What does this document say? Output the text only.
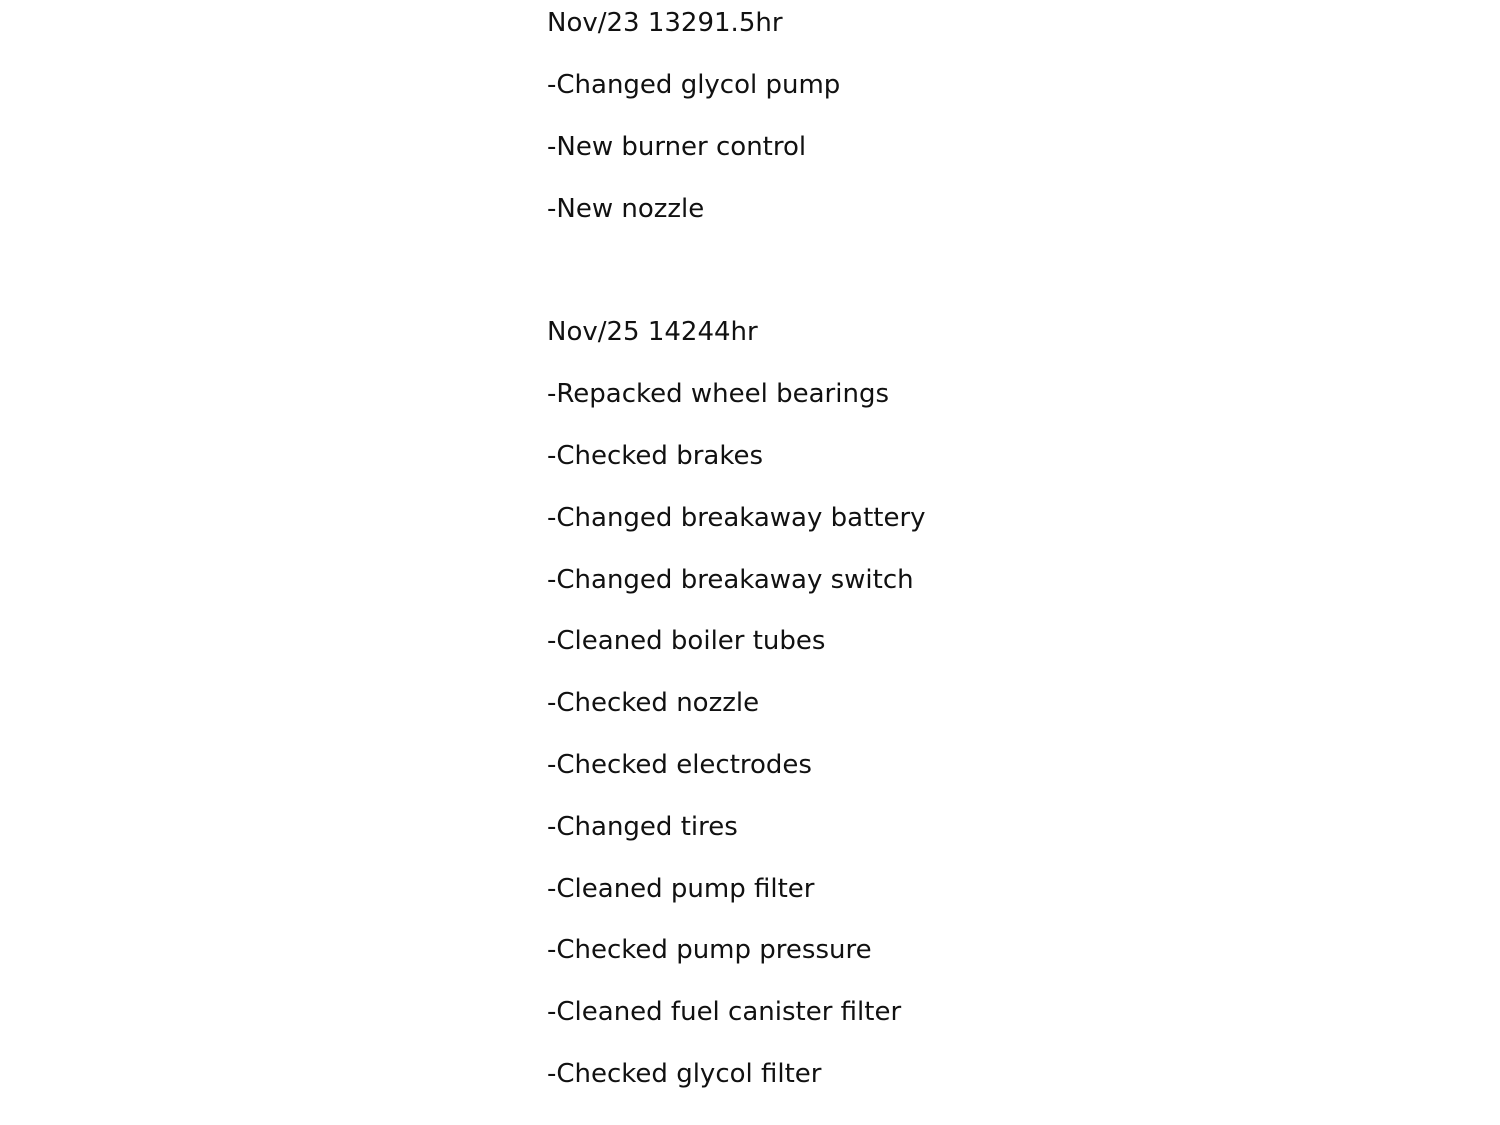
Nov/23 13291.5hr
-Changed glycol pump
-New burner control
-New nozzle
Nov/25 14244hr
-Repacked wheel bearings
-Checked brakes
-Changed breakaway battery
-Changed breakaway switch
-Cleaned boiler tubes
-Checked nozzle
-Checked electrodes
-Changed tires
-Cleaned pump filter
-Checked pump pressure
-Cleaned fuel canister filter
-Checked glycol filter
